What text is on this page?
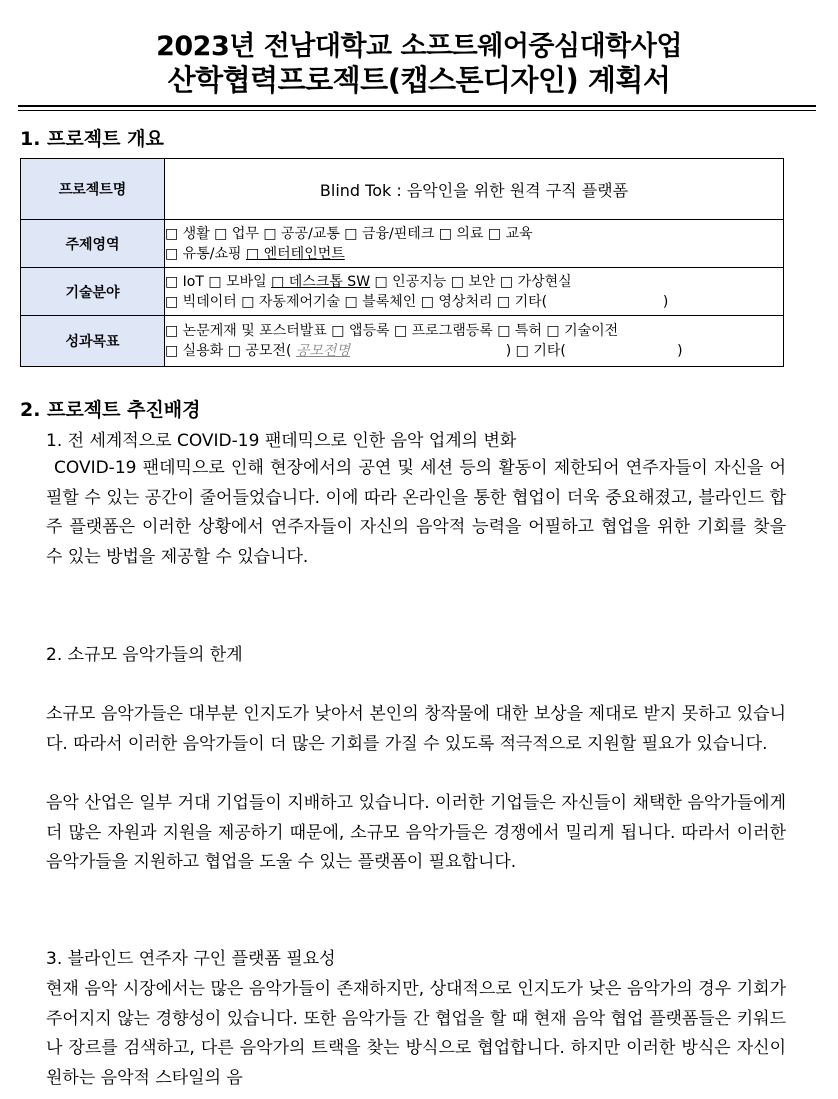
2023년 전남대학교 소프트웨어중심대학사업
산학협력프로젝트(캡스톤디자인) 계획서
1. 프로젝트 개요
프로젝트명	Blind Tok : 음악인을 위한 원격 구직 플랫폼
주제영역	□ 생활 □ 업무 □ 공공/교통 □ 금융/핀테크 □ 의료 □ 교육
□ 유통/쇼핑 □ 엔터테인먼트

기술분야	□ IoT □ 모바일 □ 데스크톱 SW □ 인공지능 □ 보안 □ 가상현실
□ 빅데이터 □ 자동제어기술 □ 블록체인 □ 영상처리 □ 기타(                          )

성과목표	□ 논문게재 및 포스터발표 □ 앱등록 □ 프로그램등록 □ 특허 □ 기술이전
□ 실용화 □ 공모전( 공모전명                                   ) □ 기타(                         )
2. 프로젝트 추진배경
1. 전 세계적으로 COVID-19 팬데믹으로 인한 음악 업계의 변화
COVID-19 팬데믹으로 인해 현장에서의 공연 및 세션 등의 활동이 제한되어 연주자들이 자신을 어필할 수 있는 공간이 줄어들었습니다. 이에 따라 온라인을 통한 협업이 더욱 중요해졌고, 블라인드 합주 플랫폼은 이러한 상황에서 연주자들이 자신의 음악적 능력을 어필하고 협업을 위한 기회를 찾을 수 있는 방법을 제공할 수 있습니다.
2. 소규모 음악가들의 한계
소규모 음악가들은 대부분 인지도가 낮아서 본인의 창작물에 대한 보상을 제대로 받지 못하고 있습니다. 따라서 이러한 음악가들이 더 많은 기회를 가질 수 있도록 적극적으로 지원할 필요가 있습니다.
음악 산업은 일부 거대 기업들이 지배하고 있습니다. 이러한 기업들은 자신들이 채택한 음악가들에게 더 많은 자원과 지원을 제공하기 때문에, 소규모 음악가들은 경쟁에서 밀리게 됩니다. 따라서 이러한 음악가들을 지원하고 협업을 도울 수 있는 플랫폼이 필요합니다.
3. 블라인드 연주자 구인 플랫폼 필요성
현재 음악 시장에서는 많은 음악가들이 존재하지만, 상대적으로 인지도가 낮은 음악가의 경우 기회가 주어지지 않는 경향성이 있습니다. 또한 음악가들 간 협업을 할 때 현재 음악 협업 플랫폼들은 키워드나 장르를 검색하고, 다른 음악가의 트랙을 찾는 방식으로 협업합니다. 하지만 이러한 방식은 자신이 원하는 음악적 스타일의 음
